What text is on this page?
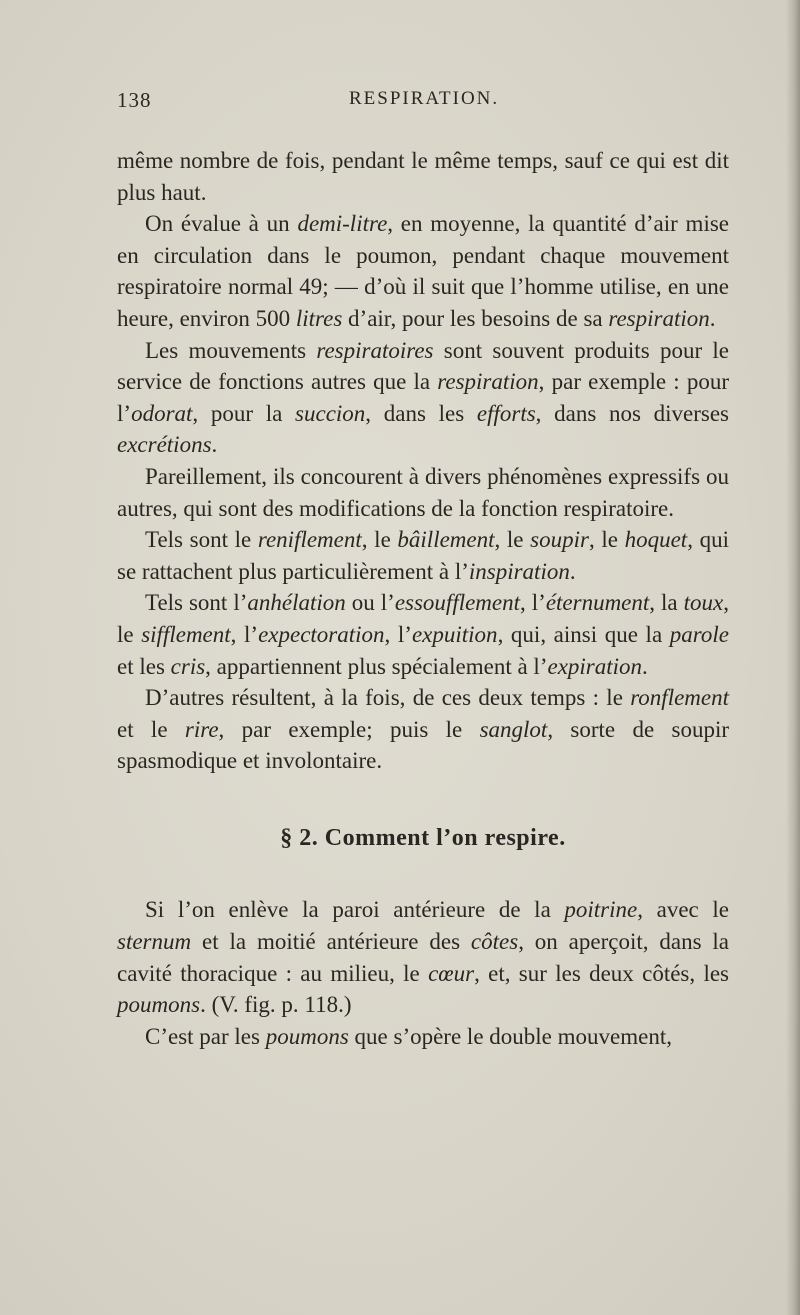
138	RESPIRATION.

même nombre de fois, pendant le même temps, sauf ce qui est dit plus haut.

On évalue à un demi-litre, en moyenne, la quantité d’air mise en circulation dans le poumon, pendant chaque mouvement respiratoire normal 49; — d’où il suit que l’homme utilise, en une heure, environ 500 litres d’air, pour les besoins de sa respiration.

Les mouvements respiratoires sont souvent produits pour le service de fonctions autres que la respiration, par exemple : pour l’odorat, pour la succion, dans les efforts, dans nos diverses excrétions.

Pareillement, ils concourent à divers phénomènes expressifs ou autres, qui sont des modifications de la fonction respiratoire.

Tels sont le reniflement, le bâillement, le soupir, le hoquet, qui se rattachent plus particulièrement à l’inspiration.

Tels sont l’anhélation ou l’essoufflement, l’éternument, la toux, le sifflement, l’expectoration, l’expuition, qui, ainsi que la parole et les cris, appartiennent plus spécialement à l’expiration.

D’autres résultent, à la fois, de ces deux temps : le ronflement et le rire, par exemple; puis le sanglot, sorte de soupir spasmodique et involontaire.

§ 2. Comment l’on respire.

Si l’on enlève la paroi antérieure de la poitrine, avec le sternum et la moitié antérieure des côtes, on aperçoit, dans la cavité thoracique : au milieu, le cœur, et, sur les deux côtés, les poumons. (V. fig. p. 118.)

C’est par les poumons que s’opère le double mouvement,
